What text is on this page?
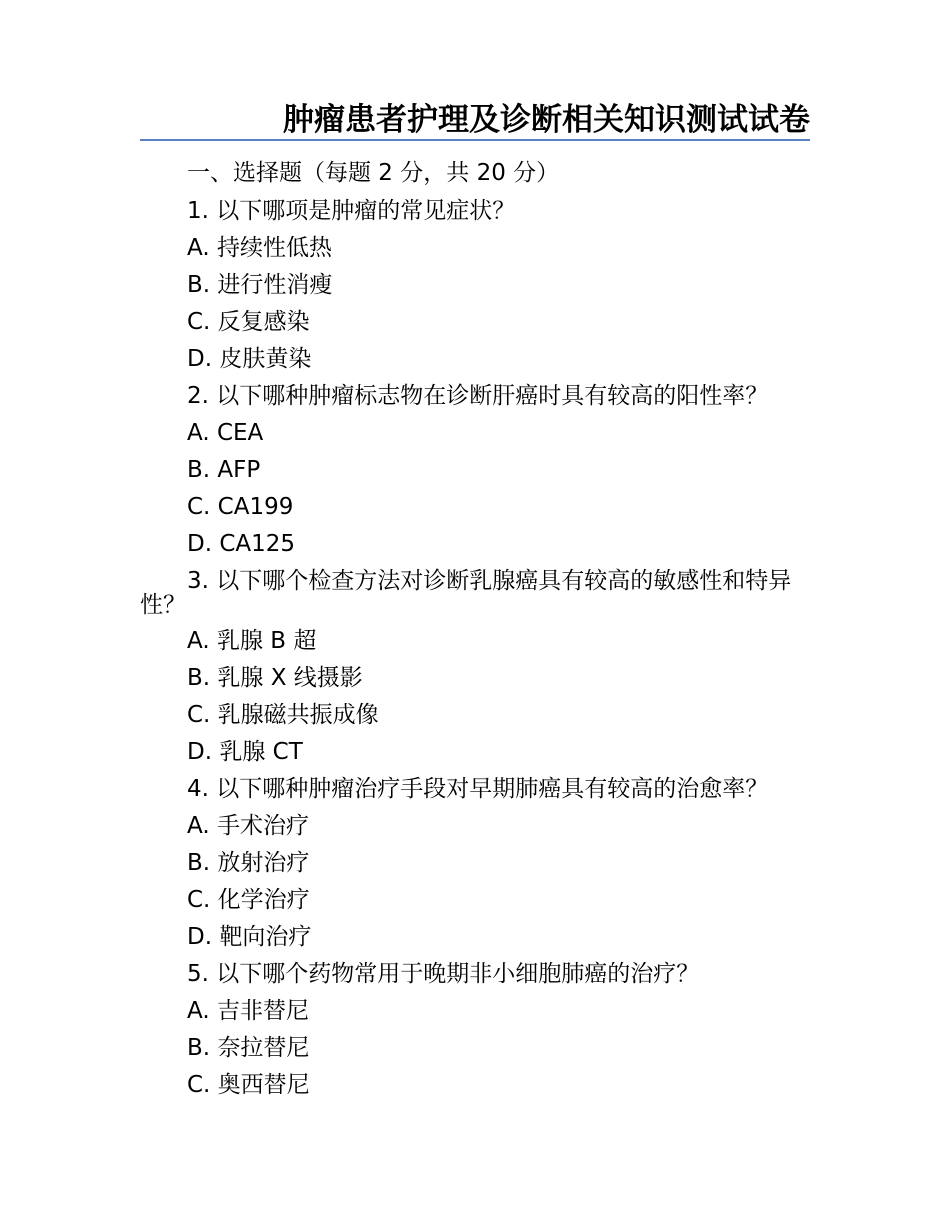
肿瘤患者护理及诊断相关知识测试试卷
一、选择题（每题 2 分，共 20 分）
1. 以下哪项是肿瘤的常见症状？
A. 持续性低热
B. 进行性消瘦
C. 反复感染
D. 皮肤黄染
2. 以下哪种肿瘤标志物在诊断肝癌时具有较高的阳性率？
A. CEA
B. AFP
C. CA199
D. CA125
3. 以下哪个检查方法对诊断乳腺癌具有较高的敏感性和特异性？
A. 乳腺 B 超
B. 乳腺 X 线摄影
C. 乳腺磁共振成像
D. 乳腺 CT
4. 以下哪种肿瘤治疗手段对早期肺癌具有较高的治愈率？
A. 手术治疗
B. 放射治疗
C. 化学治疗
D. 靶向治疗
5. 以下哪个药物常用于晚期非小细胞肺癌的治疗？
A. 吉非替尼
B. 奈拉替尼
C. 奥西替尼
